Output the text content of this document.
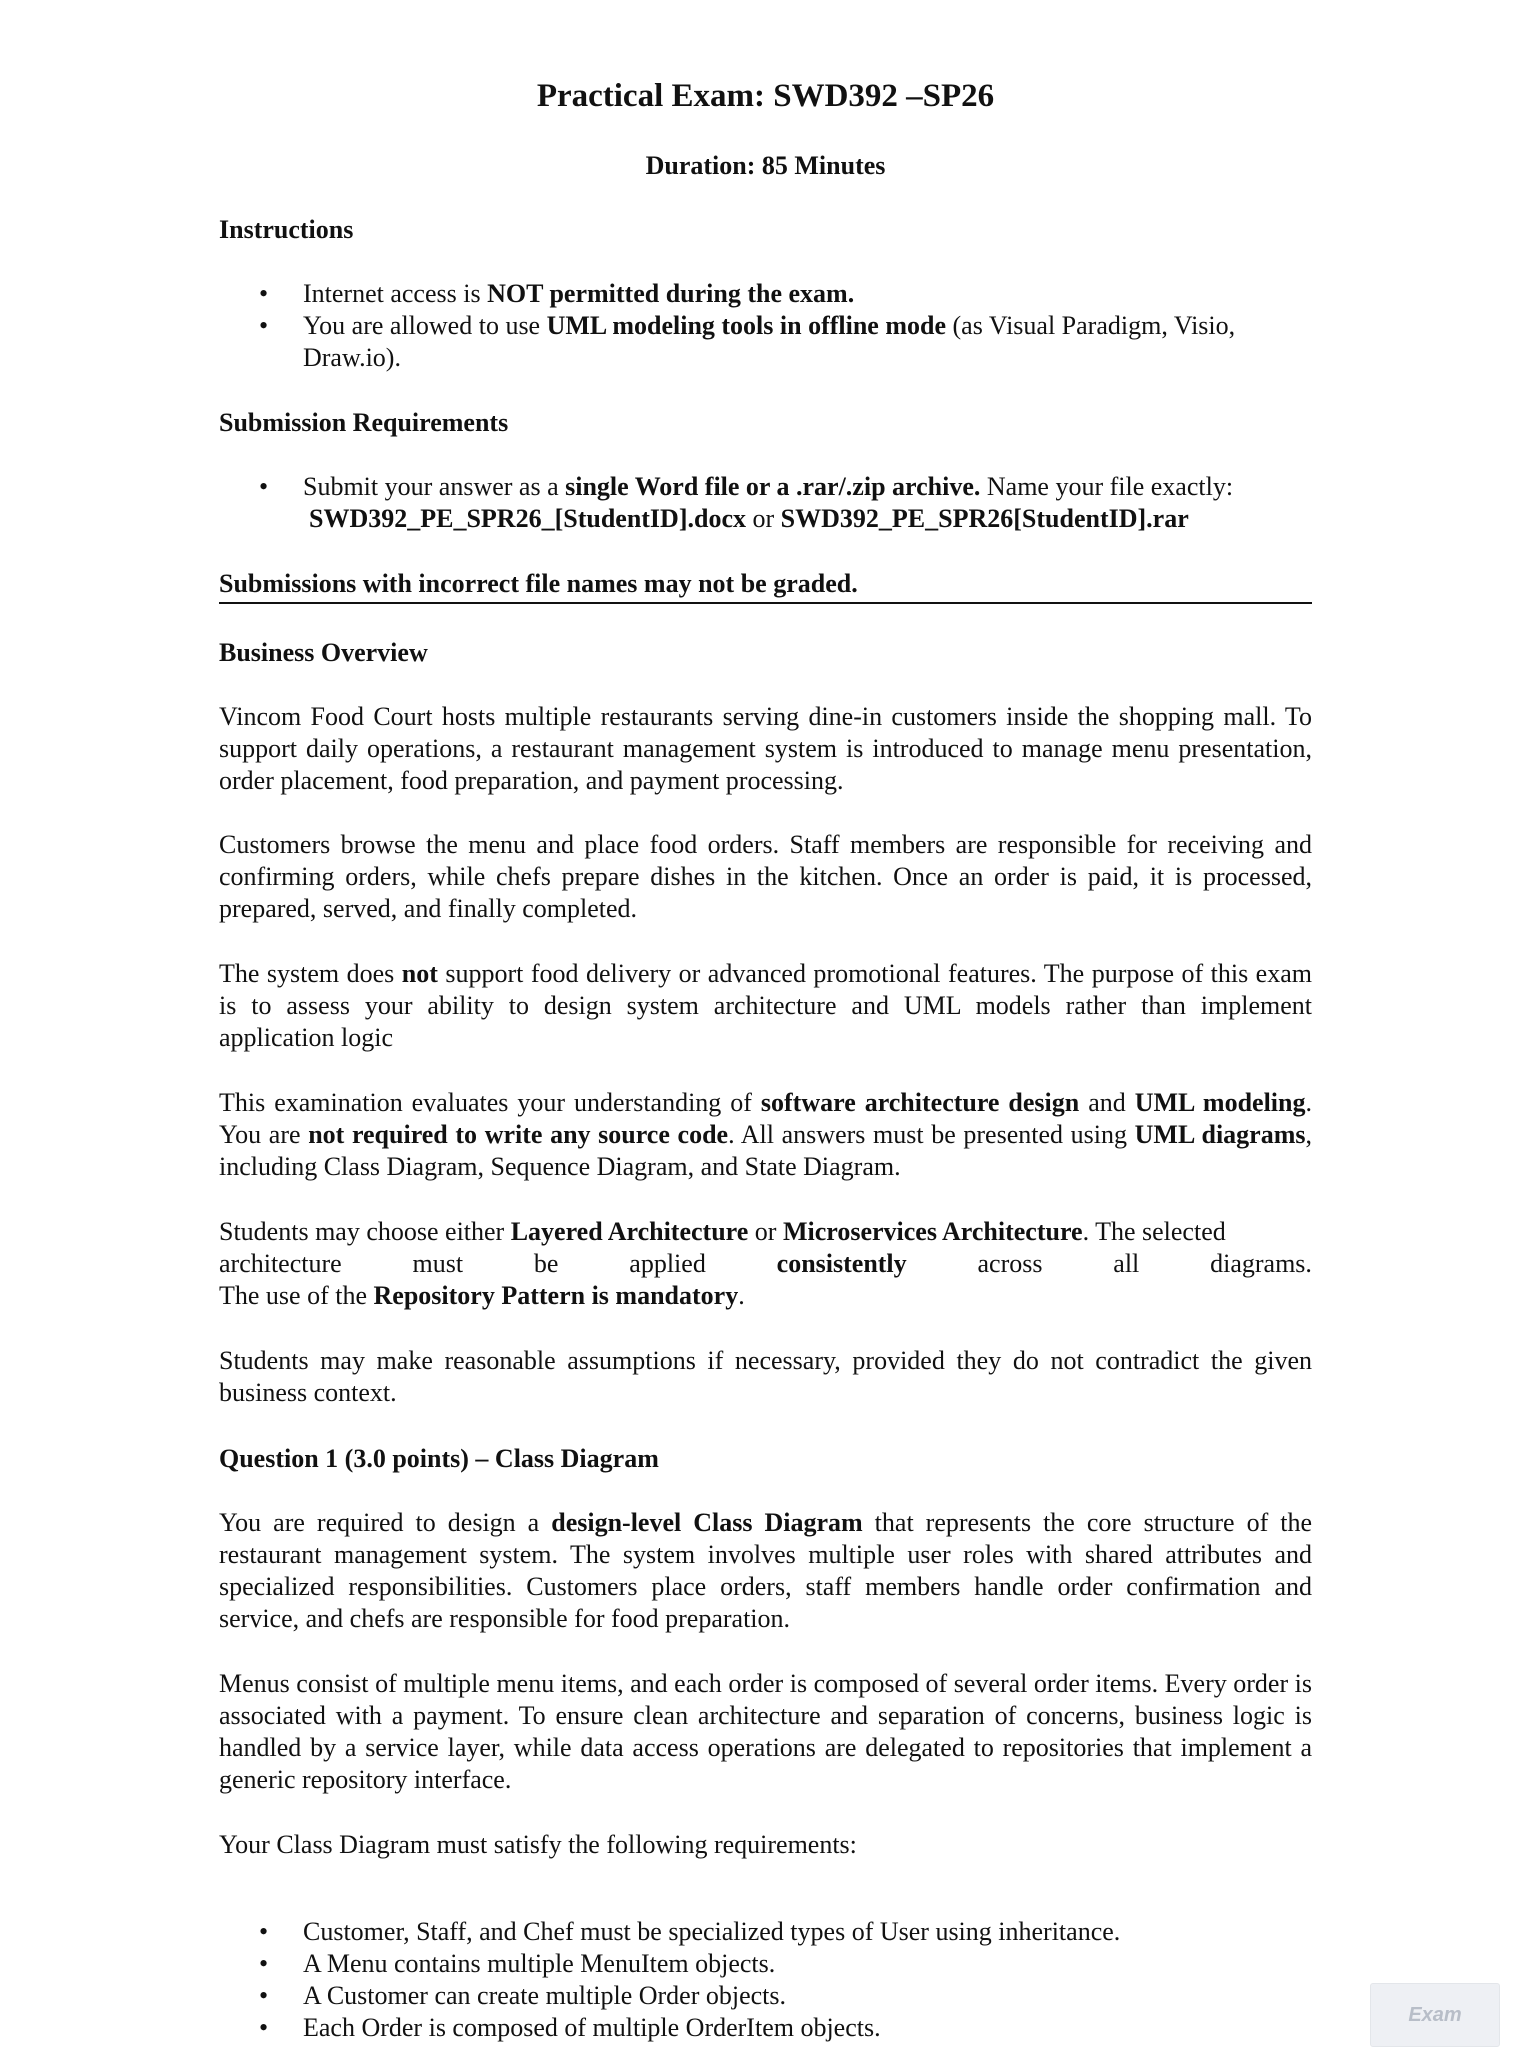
Practical Exam: SWD392 –SP26
Duration: 85 Minutes
Instructions
• Internet access is NOT permitted during the exam.
• You are allowed to use UML modeling tools in offline mode (as Visual Paradigm, Visio, Draw.io).
Submission Requirements
• Submit your answer as a single Word file or a .rar/.zip archive. Name your file exactly:
SWD392_PE_SPR26_[StudentID].docx or SWD392_PE_SPR26[StudentID].rar
Submissions with incorrect file names may not be graded.
Business Overview

Vincom Food Court hosts multiple restaurants serving dine-in customers inside the shopping mall. To support daily operations, a restaurant management system is introduced to manage menu presentation, order placement, food preparation, and payment processing.

Customers browse the menu and place food orders. Staff members are responsible for receiving and confirming orders, while chefs prepare dishes in the kitchen. Once an order is paid, it is processed, prepared, served, and finally completed.

The system does not support food delivery or advanced promotional features. The purpose of this exam is to assess your ability to design system architecture and UML models rather than implement application logic

This examination evaluates your understanding of software architecture design and UML modeling. You are not required to write any source code. All answers must be presented using UML diagrams, including Class Diagram, Sequence Diagram, and State Diagram.

Students may choose either Layered Architecture or Microservices Architecture. The selected
architecture	must	be	applied	consistently	across	all	diagrams.
The use of the Repository Pattern is mandatory.

Students may make reasonable assumptions if necessary, provided they do not contradict the given business context.

Question 1 (3.0 points) – Class Diagram

You are required to design a design-level Class Diagram that represents the core structure of the restaurant management system. The system involves multiple user roles with shared attributes and specialized responsibilities. Customers place orders, staff members handle order confirmation and service, and chefs are responsible for food preparation.

Menus consist of multiple menu items, and each order is composed of several order items. Every order is associated with a payment. To ensure clean architecture and separation of concerns, business logic is handled by a service layer, while data access operations are delegated to repositories that implement a generic repository interface.

Your Class Diagram must satisfy the following requirements:

• Customer, Staff, and Chef must be specialized types of User using inheritance.
• A Menu contains multiple MenuItem objects.
• A Customer can create multiple Order objects.
• Each Order is composed of multiple OrderItem objects.	Exam
